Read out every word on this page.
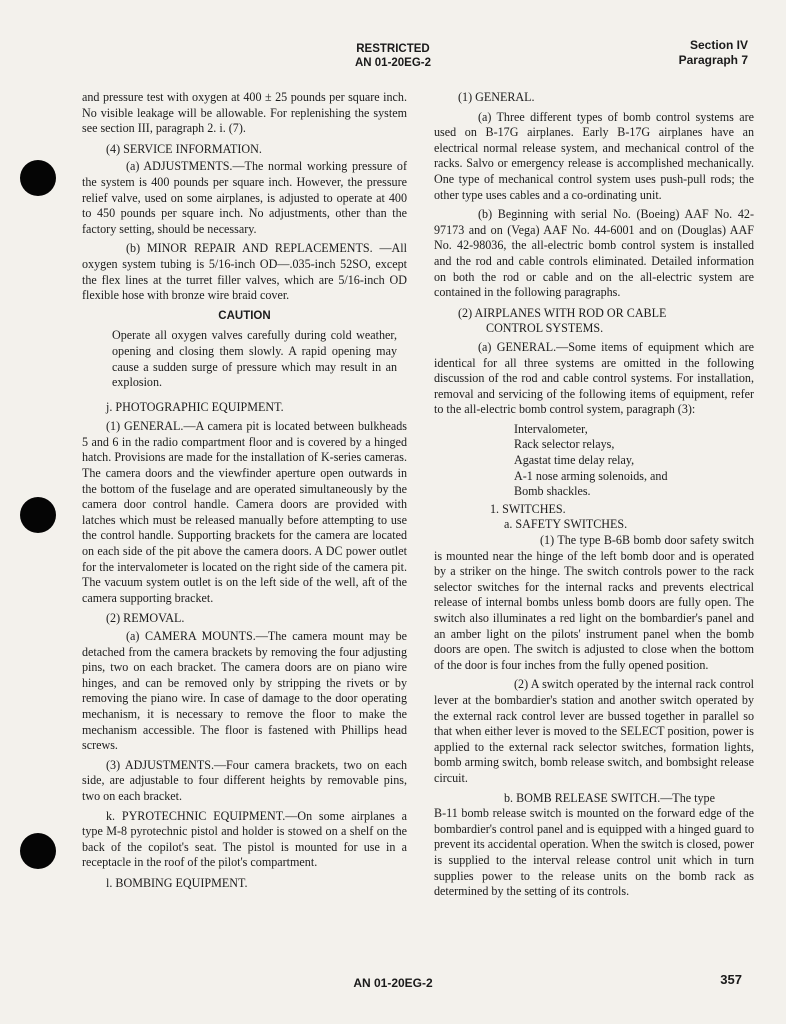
RESTRICTED
AN 01-20EG-2
Section IV
Paragraph 7

and pressure test with oxygen at 400 ± 25 pounds per square inch. No visible leakage will be allowable. For replenishing the system see section III, paragraph 2. i. (7).

(4) SERVICE INFORMATION.

(a) ADJUSTMENTS.—The normal working pressure of the system is 400 pounds per square inch. However, the pressure relief valve, used on some airplanes, is adjusted to operate at 400 to 450 pounds per square inch. No adjustments, other than the factory setting, should be necessary.

(b) MINOR REPAIR AND REPLACEMENTS. —All oxygen system tubing is 5/16-inch OD—.035-inch 52SO, except the flex lines at the turret filler valves, which are 5/16-inch OD flexible hose with bronze wire braid cover.

CAUTION

Operate all oxygen valves carefully during cold weather, opening and closing them slowly. A rapid opening may cause a sudden surge of pressure which may result in an explosion.

j. PHOTOGRAPHIC EQUIPMENT.

(1) GENERAL.—A camera pit is located between bulkheads 5 and 6 in the radio compartment floor and is covered by a hinged hatch. Provisions are made for the installation of K-series cameras. The camera doors and the viewfinder aperture open outwards in the bottom of the fuselage and are operated simultaneously by the camera door control handle. Camera doors are provided with latches which must be released manually before attempting to use the control handle. Supporting brackets for the camera are located on each side of the pit above the camera doors. A DC power outlet for the intervalometer is located on the right side of the camera pit. The vacuum system outlet is on the left side of the well, aft of the camera supporting bracket.

(2) REMOVAL.

(a) CAMERA MOUNTS.—The camera mount may be detached from the camera brackets by removing the four adjusting pins, two on each bracket. The camera doors are on piano wire hinges, and can be removed only by stripping the rivets or by removing the piano wire. In case of damage to the door operating mechanism, it is necessary to remove the floor to make the mechanism accessible. The floor is fastened with Phillips head screws.

(3) ADJUSTMENTS.—Four camera brackets, two on each side, are adjustable to four different heights by removable pins, two on each bracket.

k. PYROTECHNIC EQUIPMENT.—On some airplanes a type M-8 pyrotechnic pistol and holder is stowed on a shelf on the back of the copilot's seat. The pistol is mounted for use in a receptacle in the roof of the pilot's compartment.

l. BOMBING EQUIPMENT.

(1) GENERAL.

(a) Three different types of bomb control systems are used on B-17G airplanes. Early B-17G airplanes have an electrical normal release system, and mechanical control of the racks. Salvo or emergency release is accomplished mechanically. One type of mechanical control system uses push-pull rods; the other type uses cables and a co-ordinating unit.

(b) Beginning with serial No. (Boeing) AAF No. 42-97173 and on (Vega) AAF No. 44-6001 and on (Douglas) AAF No. 42-98036, the all-electric bomb control system is installed and the rod and cable controls eliminated. Detailed information on both the rod or cable and on the all-electric system are contained in the following paragraphs.

(2) AIRPLANES WITH ROD OR CABLE

CONTROL SYSTEMS.

(a) GENERAL.—Some items of equipment which are identical for all three systems are omitted in the following discussion of the rod and cable control systems. For installation, removal and servicing of the following items of equipment, refer to the all-electric bomb control system, paragraph (3):

Intervalometer,
Rack selector relays,
Agastat time delay relay,
A-1 nose arming solenoids, and
Bomb shackles.

1. SWITCHES.

a. SAFETY SWITCHES.

(1) The type B-6B bomb door safety switch is mounted near the hinge of the left bomb door and is operated by a striker on the hinge. The switch controls power to the rack selector switches for the internal racks and prevents electrical release of internal bombs unless bomb doors are fully open. The switch also illuminates a red light on the bombardier's panel and an amber light on the pilots' instrument panel when the bomb doors are open. The switch is adjusted to close when the bottom of the door is four inches from the fully opened position.

(2) A switch operated by the internal rack control lever at the bombardier's station and another switch operated by the external rack control lever are bussed together in parallel so that when either lever is moved to the SELECT position, power is applied to the external rack selector switches, formation lights, bomb arming switch, bomb release switch, and bombsight release circuit.

b. BOMB RELEASE SWITCH.—The type

B-11 bomb release switch is mounted on the forward edge of the bombardier's control panel and is equipped with a hinged guard to prevent its accidental operation. When the switch is closed, power is supplied to the interval release control unit which in turn supplies power to the release units on the bomb rack as determined by the setting of its controls.

AN 01-20EG-2	357
